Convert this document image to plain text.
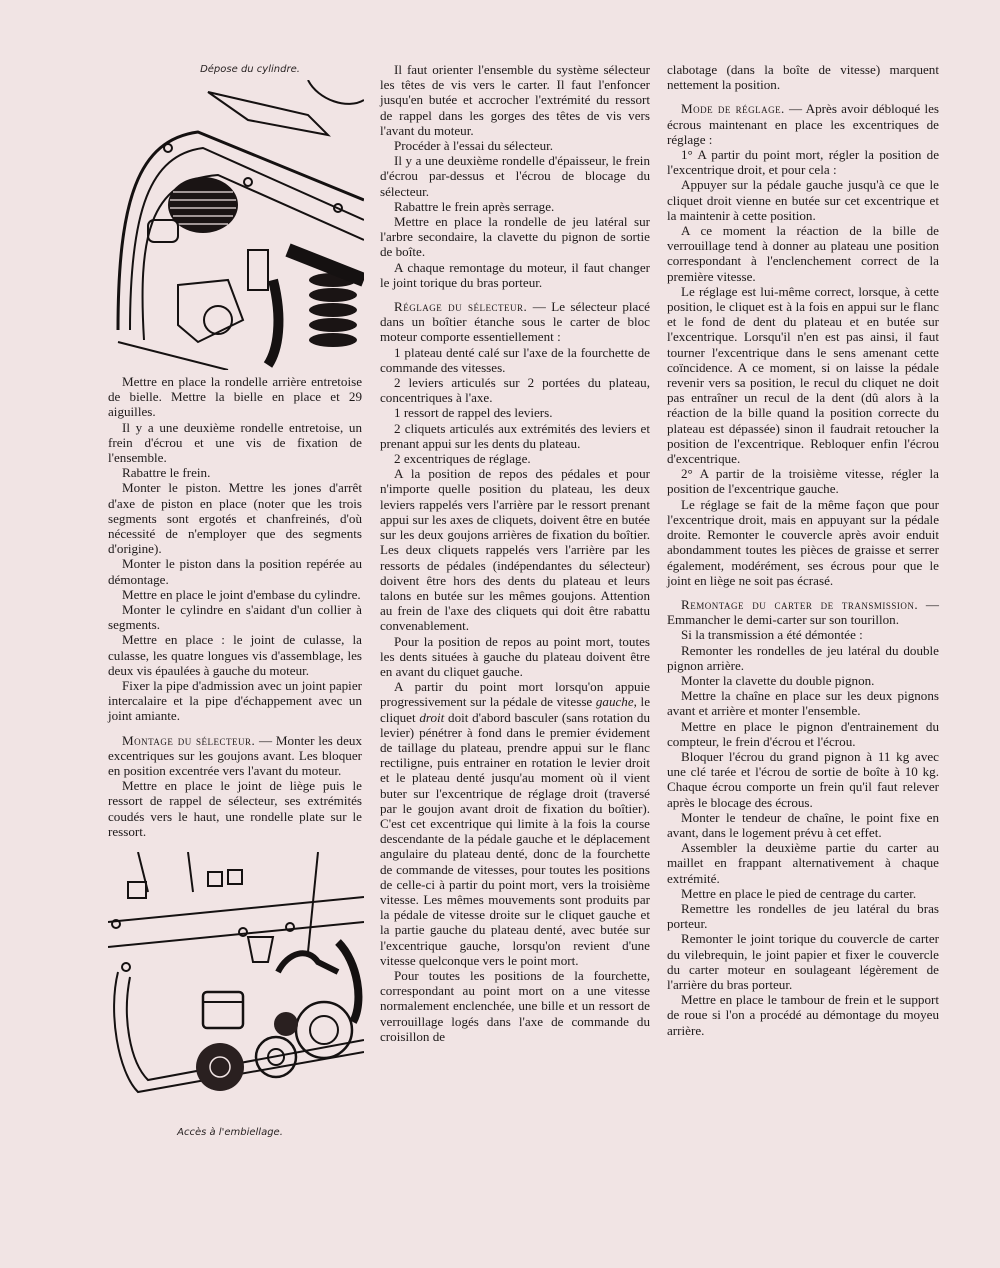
Dépose du cylindre.

Mettre en place la rondelle arrière entretoise de bielle. Mettre la bielle en place et 29 aiguilles.

Il y a une deuxième rondelle entretoise, un frein d'écrou et une vis de fixation de l'ensemble.

Rabattre le frein.

Monter le piston. Mettre les jones d'arrêt d'axe de piston en place (noter que les trois segments sont ergotés et chanfreinés, d'où nécessité de n'employer que des segments d'origine).

Monter le piston dans la position repérée au démontage.

Mettre en place le joint d'embase du cylindre.

Monter le cylindre en s'aidant d'un collier à segments.

Mettre en place : le joint de culasse, la culasse, les quatre longues vis d'assemblage, les deux vis épaulées à gauche du moteur.

Fixer la pipe d'admission avec un joint papier intercalaire et la pipe d'échappement avec un joint amiante.

Montage du sélecteur. — Monter les deux excentriques sur les goujons avant. Les bloquer en position excentrée vers l'avant du moteur.

Mettre en place le joint de liège puis le ressort de rappel de sélecteur, ses extrémités coudés vers le haut, une rondelle plate sur le ressort.

Accès à l'embiellage.

Il faut orienter l'ensemble du système sélecteur les têtes de vis vers le carter. Il faut l'enfoncer jusqu'en butée et accrocher l'extrémité du ressort de rappel dans les gorges des têtes de vis vers l'avant du moteur.

Procéder à l'essai du sélecteur.

Il y a une deuxième rondelle d'épaisseur, le frein d'écrou par-dessus et l'écrou de blocage du sélecteur.

Rabattre le frein après serrage.

Mettre en place la rondelle de jeu latéral sur l'arbre secondaire, la clavette du pignon de sortie de boîte.

A chaque remontage du moteur, il faut changer le joint torique du bras porteur.

Réglage du sélecteur. — Le sélecteur placé dans un boîtier étanche sous le carter de bloc moteur comporte essentiellement :

1 plateau denté calé sur l'axe de la fourchette de commande des vitesses.

2 leviers articulés sur 2 portées du plateau, concentriques à l'axe.

1 ressort de rappel des leviers.

2 cliquets articulés aux extrémités des leviers et prenant appui sur les dents du plateau.

2 excentriques de réglage.

A la position de repos des pédales et pour n'importe quelle position du plateau, les deux leviers rappelés vers l'arrière par le ressort prenant appui sur les axes de cliquets, doivent être en butée sur les deux goujons arrières de fixation du boîtier. Les deux cliquets rappelés vers l'arrière par les ressorts de pédales (indépendantes du sélecteur) doivent être hors des dents du plateau et leurs talons en butée sur les mêmes goujons. Attention au frein de l'axe des cliquets qui doit être rabattu convenablement.

Pour la position de repos au point mort, toutes les dents situées à gauche du plateau doivent être en avant du cliquet gauche.

A partir du point mort lorsqu'on appuie progressivement sur la pédale de vitesse gauche, le cliquet droit doit d'abord basculer (sans rotation du levier) pénétrer à fond dans le premier évidement de taillage du plateau, prendre appui sur le flanc rectiligne, puis entrainer en rotation le levier droit et le plateau denté jusqu'au moment où il vient buter sur l'excentrique de réglage droit (traversé par le goujon avant droit de fixation du boîtier). C'est cet excentrique qui limite à la fois la course descendante de la pédale gauche et le déplacement angulaire du plateau denté, donc de la fourchette de commande de vitesses, pour toutes les positions de celle-ci à partir du point mort, vers la troisième vitesse. Les mêmes mouvements sont produits par la pédale de vitesse droite sur le cliquet gauche et la partie gauche du plateau denté, avec butée sur l'excentrique gauche, lorsqu'on revient d'une vitesse quelconque vers le point mort.

Pour toutes les positions de la fourchette, correspondant au point mort on a une vitesse normalement enclenchée, une bille et un ressort de verrouillage logés dans l'axe de commande du croisillon de

clabotage (dans la boîte de vitesse) marquent nettement la position.

Mode de réglage. — Après avoir débloqué les écrous maintenant en place les excentriques de réglage :

1° A partir du point mort, régler la position de l'excentrique droit, et pour cela :

Appuyer sur la pédale gauche jusqu'à ce que le cliquet droit vienne en butée sur cet excentrique et la maintenir à cette position.

A ce moment la réaction de la bille de verrouillage tend à donner au plateau une position correspondant à l'enclenchement correct de la première vitesse.

Le réglage est lui-même correct, lorsque, à cette position, le cliquet est à la fois en appui sur le flanc et le fond de dent du plateau et en butée sur l'excentrique. Lorsqu'il n'en est pas ainsi, il faut tourner l'excentrique dans le sens amenant cette coïncidence. A ce moment, si on laisse la pédale revenir vers sa position, le recul du cliquet ne doit pas entraîner un recul de la dent (dû alors à la réaction de la bille quand la position correcte du plateau est dépassée) sinon il faudrait retoucher la position de l'excentrique. Rebloquer enfin l'écrou d'excentrique.

2° A partir de la troisième vitesse, régler la position de l'excentrique gauche.

Le réglage se fait de la même façon que pour l'excentrique droit, mais en appuyant sur la pédale droite. Remonter le couvercle après avoir enduit abondamment toutes les pièces de graisse et serrer également, modérément, ses écrous pour que le joint en liège ne soit pas écrasé.

Remontage du carter de transmission. — Emmancher le demi-carter sur son tourillon.

Si la transmission a été démontée :

Remonter les rondelles de jeu latéral du double pignon arrière.

Monter la clavette du double pignon.

Mettre la chaîne en place sur les deux pignons avant et arrière et monter l'ensemble.

Mettre en place le pignon d'entrainement du compteur, le frein d'écrou et l'écrou.

Bloquer l'écrou du grand pignon à 11 kg avec une clé tarée et l'écrou de sortie de boîte à 10 kg. Chaque écrou comporte un frein qu'il faut relever après le blocage des écrous.

Monter le tendeur de chaîne, le point fixe en avant, dans le logement prévu à cet effet.

Assembler la deuxième partie du carter au maillet en frappant alternativement à chaque extrémité.

Mettre en place le pied de centrage du carter.

Remettre les rondelles de jeu latéral du bras porteur.

Remonter le joint torique du couvercle de carter du vilebrequin, le joint papier et fixer le couvercle du carter moteur en soulageant légèrement de l'arrière du bras porteur.

Mettre en place le tambour de frein et le support de roue si l'on a procédé au démontage du moyeu arrière.
